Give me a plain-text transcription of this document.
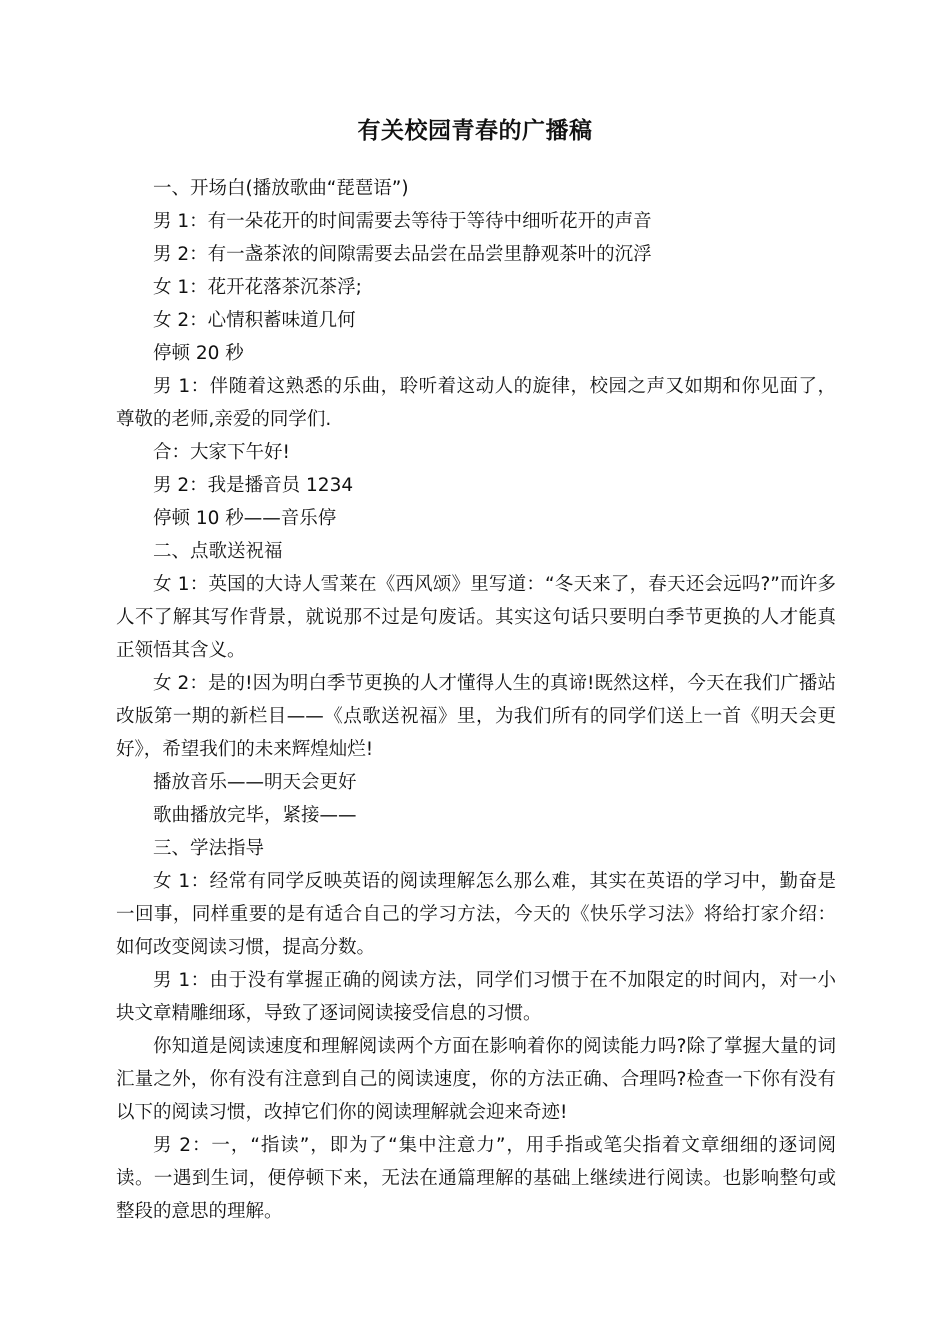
有关校园青春的广播稿

一、开场白(播放歌曲“琵琶语”)

男 1：有一朵花开的时间需要去等待于等待中细听花开的声音

男 2：有一盏茶浓的间隙需要去品尝在品尝里静观茶叶的沉浮

女 1：花开花落茶沉茶浮;

女 2：心情积蓄味道几何

停顿 20 秒

男 1：伴随着这熟悉的乐曲，聆听着这动人的旋律，校园之声又如期和你见面了，尊敬的老师,亲爱的同学们.

合：大家下午好!

男 2：我是播音员 1234

停顿 10 秒——音乐停

二、点歌送祝福

女 1：英国的大诗人雪莱在《西风颂》里写道：“冬天来了，春天还会远吗?”而许多人不了解其写作背景，就说那不过是句废话。其实这句话只要明白季节更换的人才能真正领悟其含义。

女 2：是的!因为明白季节更换的人才懂得人生的真谛!既然这样，今天在我们广播站改版第一期的新栏目——《点歌送祝福》里，为我们所有的同学们送上一首《明天会更好》，希望我们的未来辉煌灿烂!

播放音乐——明天会更好

歌曲播放完毕，紧接——

三、学法指导

女 1：经常有同学反映英语的阅读理解怎么那么难，其实在英语的学习中，勤奋是一回事，同样重要的是有适合自己的学习方法，今天的《快乐学习法》将给打家介绍：如何改变阅读习惯，提高分数。

男 1：由于没有掌握正确的阅读方法，同学们习惯于在不加限定的时间内，对一小块文章精雕细琢，导致了逐词阅读接受信息的习惯。

你知道是阅读速度和理解阅读两个方面在影响着你的阅读能力吗?除了掌握大量的词汇量之外，你有没有注意到自己的阅读速度，你的方法正确、合理吗?检查一下你有没有以下的阅读习惯，改掉它们你的阅读理解就会迎来奇迹!

男 2：一，“指读”，即为了“集中注意力”，用手指或笔尖指着文章细细的逐词阅读。一遇到生词，便停顿下来，无法在通篇理解的基础上继续进行阅读。也影响整句或整段的意思的理解。
